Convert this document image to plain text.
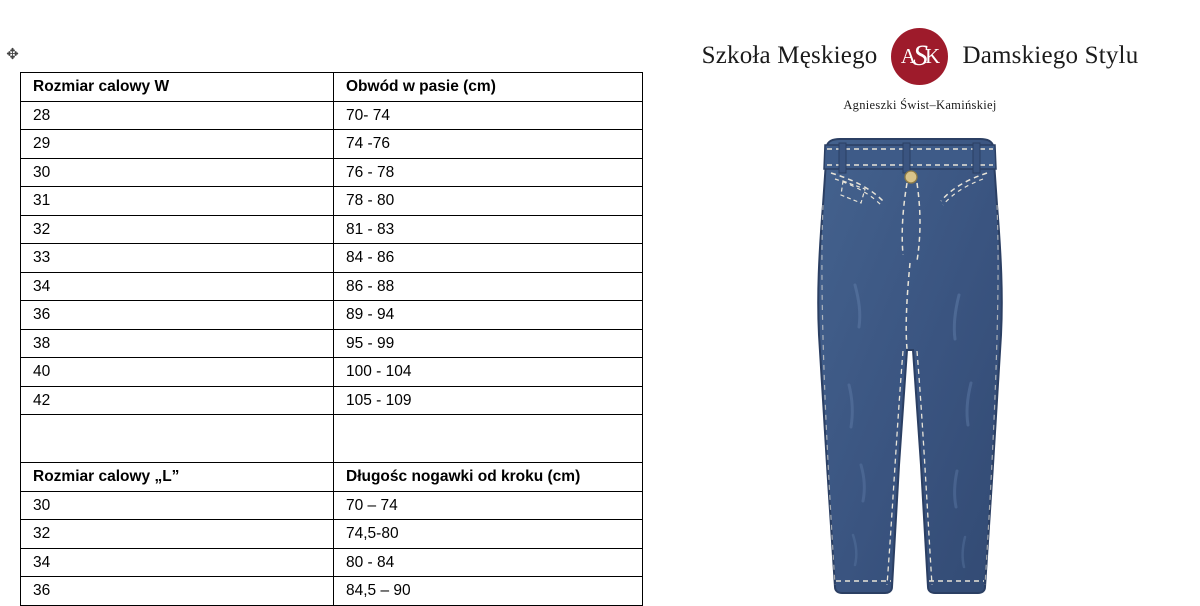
✥
Rozmiar calowy W	Obwód w pasie (cm)
28	70- 74
29	74 -76
30	76 - 78
31	78 - 80
32	81 - 83
33	84 - 86
34	86 - 88
36	89 - 94
38	95 - 99
40	100 - 104
42	105 - 109

Rozmiar calowy „L”	Długośc nogawki od kroku (cm)
30	70 – 74
32	74,5-80
34	80 - 84
36	84,5 – 90
Szkoła Męskiego A
S
K Damskiego Stylu
Agnieszki Świst–Kamińskiej
